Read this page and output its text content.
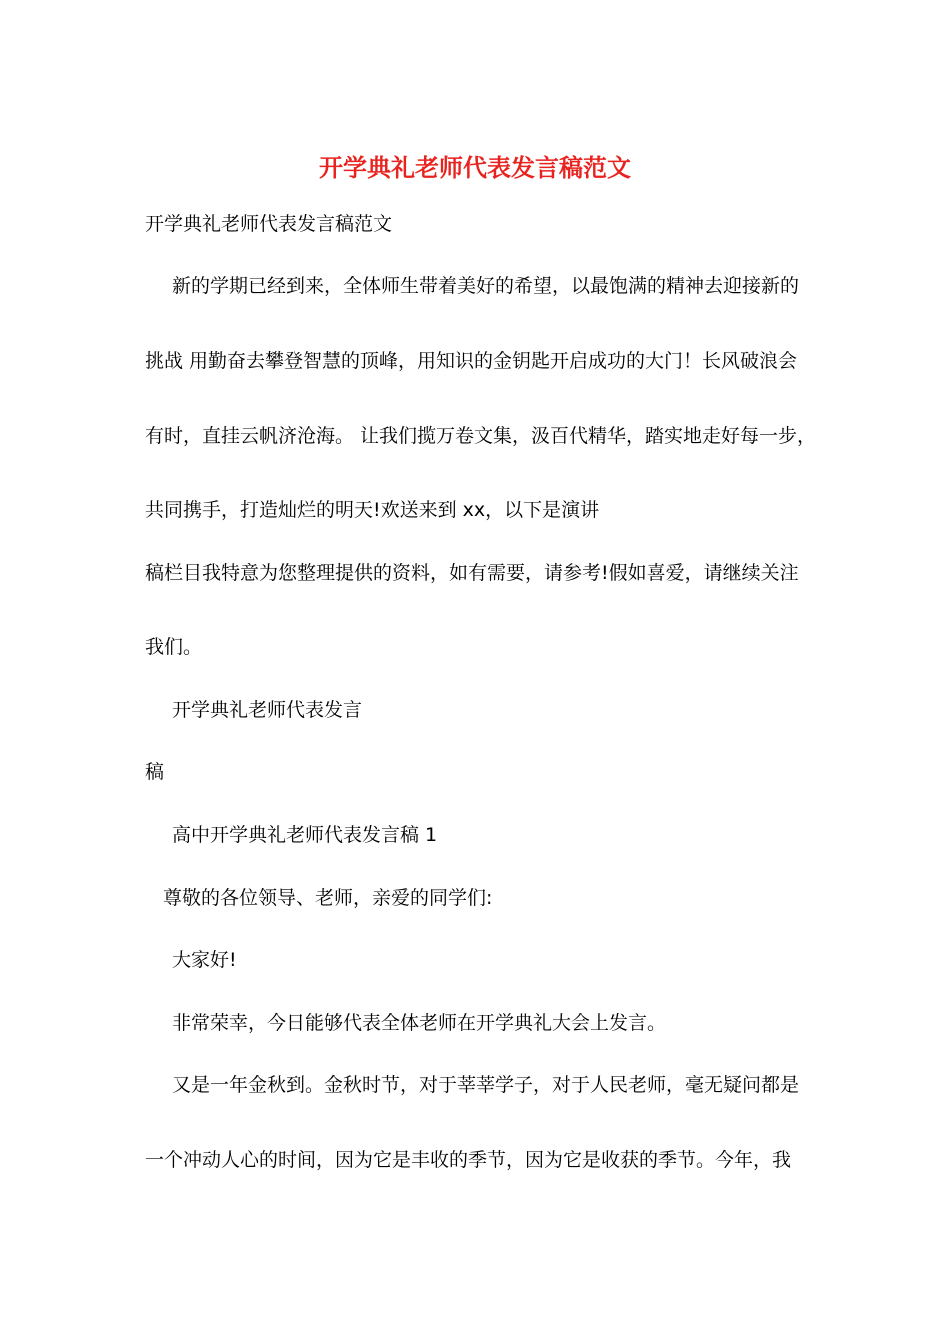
开学典礼老师代表发言稿范文
开学典礼老师代表发言稿范文
新的学期已经到来，全体师生带着美好的希望，以最饱满的精神去迎接新的
挑战 用勤奋去攀登智慧的顶峰，用知识的金钥匙开启成功的大门！长风破浪会
有时，直挂云帆济沧海。 让我们揽万卷文集，汲百代精华，踏实地走好每一步，
共同携手，打造灿烂的明天!欢送来到 xx，以下是演讲
稿栏目我特意为您整理提供的资料，如有需要，请参考!假如喜爱，请继续关注
我们。
开学典礼老师代表发言
稿
高中开学典礼老师代表发言稿 1
尊敬的各位领导、老师，亲爱的同学们:
大家好!
非常荣幸，今日能够代表全体老师在开学典礼大会上发言。
又是一年金秋到。金秋时节，对于莘莘学子，对于人民老师，毫无疑问都是
一个冲动人心的时间，因为它是丰收的季节，因为它是收获的季节。今年，我
